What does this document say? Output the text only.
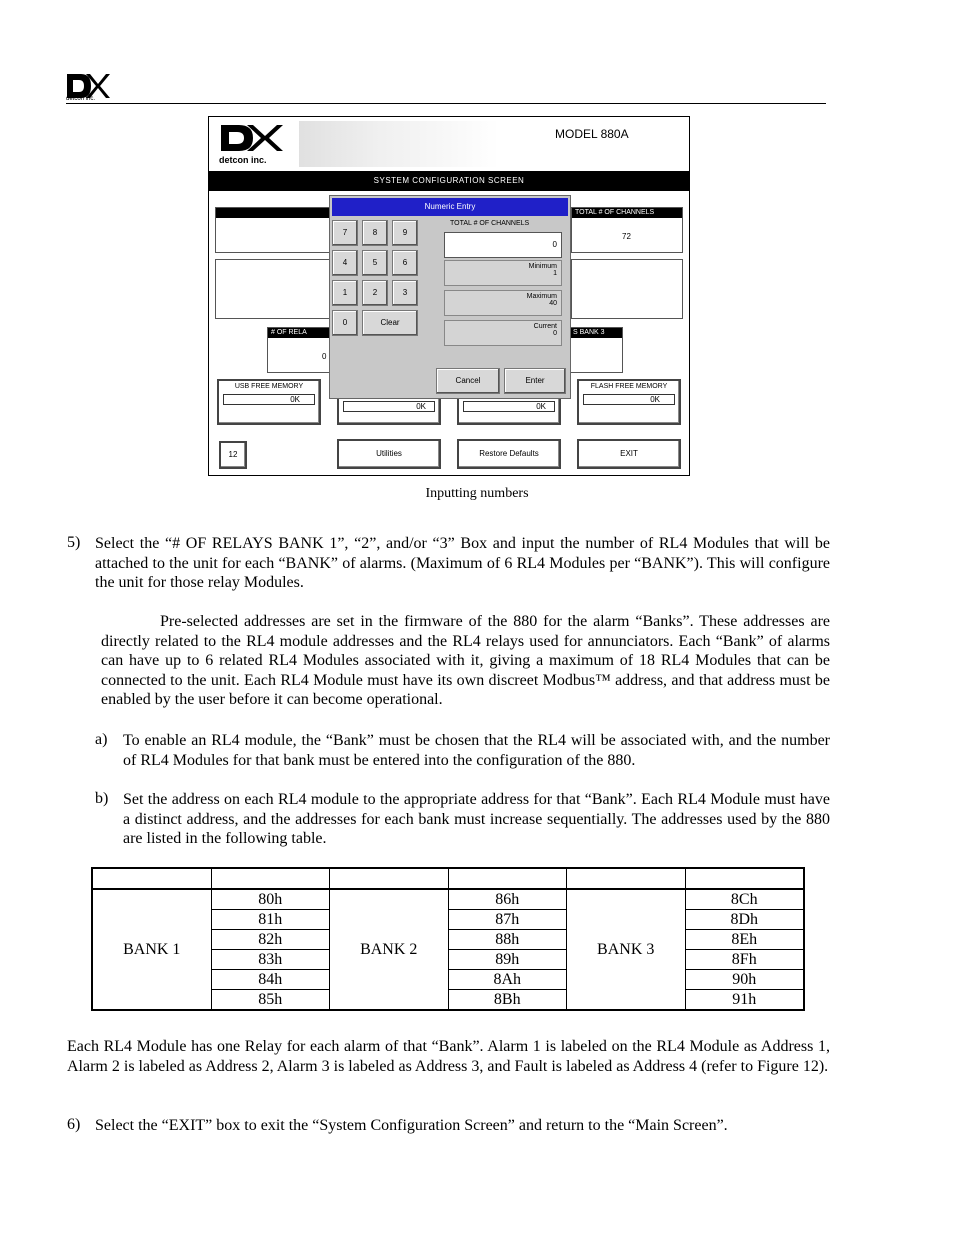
detcon inc.
detcon inc.
MODEL 880A
SYSTEM CONFIGURATION SCREEN
TOTAL # OF CHANNELS
72
# OF RELA
0
S BANK 3
USB FREE MEMORY
0K
0K	0K
FLASH FREE MEMORY
0K
12	Utilities	Restore Defaults	EXIT
Numeric Entry
7	8	9
4	5	6
1	2	3
0	Clear
TOTAL # OF CHANNELS
0
Minimum
1
Maximum
40
Current
0
Cancel	Enter
Inputting numbers
5) Select the “# OF RELAYS BANK 1”, “2”, and/or “3” Box and input the number of RL4 Modules that will be attached to the unit for each “BANK” of alarms. (Maximum of 6 RL4 Modules per “BANK”). This will configure the unit for those relay Modules.
Pre-selected addresses are set in the firmware of the 880 for the alarm “Banks”. These addresses are directly related to the RL4 module addresses and the RL4 relays used for annunciators. Each “Bank” of alarms can have up to 6 related RL4 Modules associated with it, giving a maximum of 18 RL4 Modules that can be connected to the unit. Each RL4 Module must have its own discreet Modbus™ address, and that address must be enabled by the user before it can become operational.
a) To enable an RL4 module, the “Bank” must be chosen that the RL4 will be associated with, and the number of RL4 Modules for that bank must be entered into the configuration of the 880.
b) Set the address on each RL4 module to the appropriate address for that “Bank”. Each RL4 Module must have a distinct address, and the addresses for each bank must increase sequentially. The addresses used by the 880 are listed in the following table.

BANK 1	80h	BANK 2	86h	BANK 3	8Ch
	81h		87h		8Dh
	82h		88h		8Eh
	83h		89h		8Fh
	84h		8Ah		90h
	85h		8Bh		91h
Each RL4 Module has one Relay for each alarm of that “Bank”. Alarm 1 is labeled on the RL4 Module as Address 1, Alarm 2 is labeled as Address 2, Alarm 3 is labeled as Address 3, and Fault is labeled as Address 4 (refer to Figure 12).
6) Select the “EXIT” box to exit the “System Configuration Screen” and return to the “Main Screen”.
